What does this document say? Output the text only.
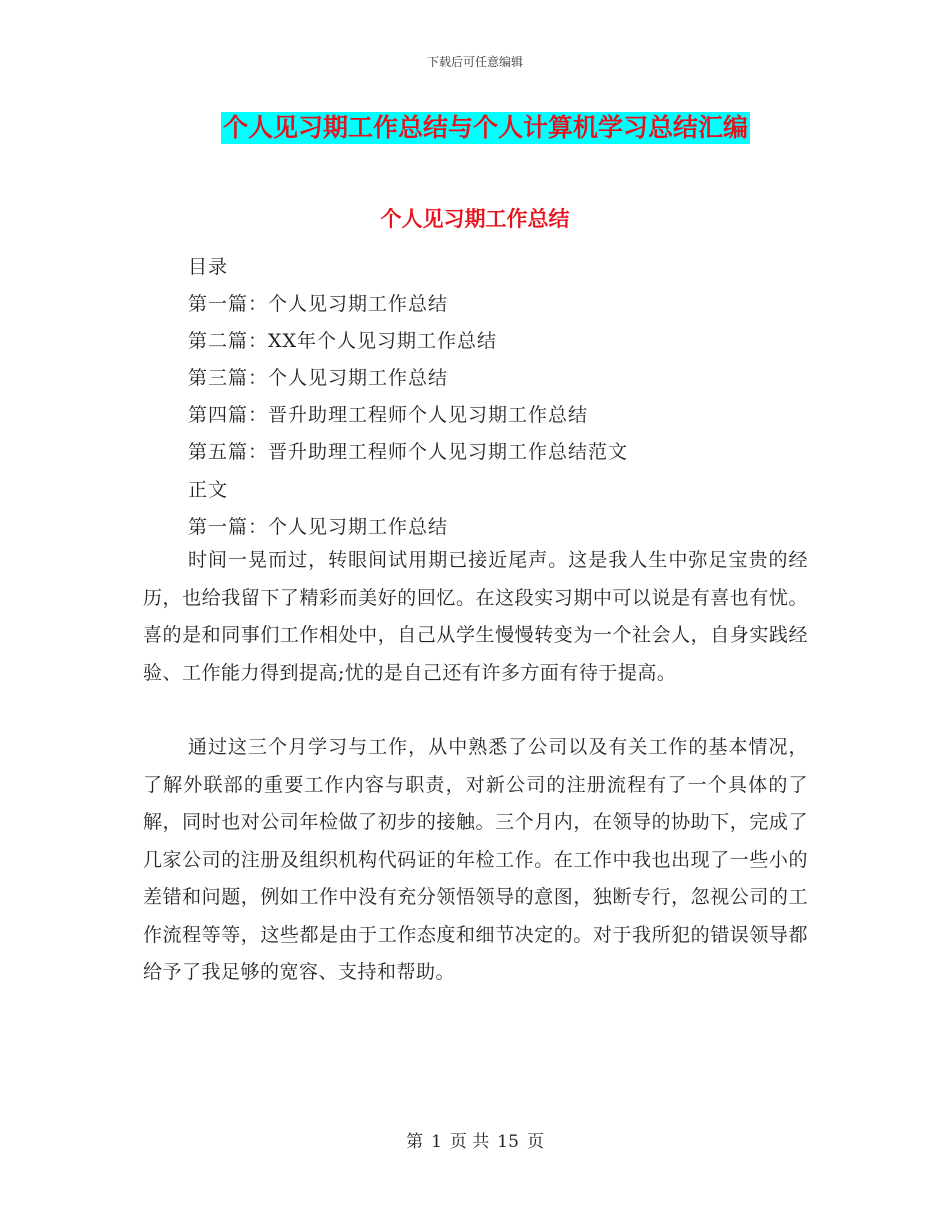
下载后可任意编辑
个人见习期工作总结与个人计算机学习总结汇编
个人见习期工作总结
目录
第一篇：个人见习期工作总结
第二篇：XX年个人见习期工作总结
第三篇：个人见习期工作总结
第四篇：晋升助理工程师个人见习期工作总结
第五篇：晋升助理工程师个人见习期工作总结范文
正文
第一篇：个人见习期工作总结
时间一晃而过，转眼间试用期已接近尾声。这是我人生中弥足宝贵的经历，也给我留下了精彩而美好的回忆。在这段实习期中可以说是有喜也有忧。喜的是和同事们工作相处中，自己从学生慢慢转变为一个社会人，自身实践经验、工作能力得到提高;忧的是自己还有许多方面有待于提高。
通过这三个月学习与工作，从中熟悉了公司以及有关工作的基本情况，了解外联部的重要工作内容与职责，对新公司的注册流程有了一个具体的了解，同时也对公司年检做了初步的接触。三个月内，在领导的协助下，完成了几家公司的注册及组织机构代码证的年检工作。在工作中我也出现了一些小的差错和问题，例如工作中没有充分领悟领导的意图，独断专行，忽视公司的工作流程等等，这些都是由于工作态度和细节决定的。对于我所犯的错误领导都给予了我足够的宽容、支持和帮助。
第 1 页 共 15 页
